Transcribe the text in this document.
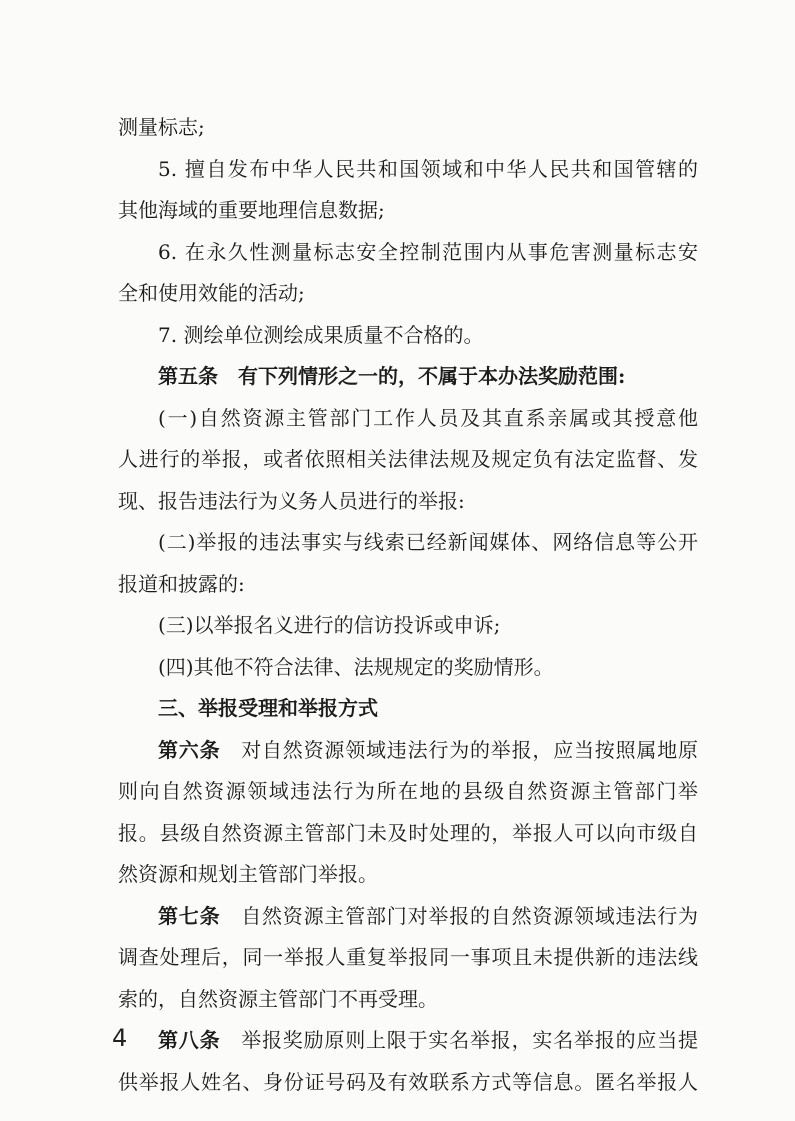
测量标志;
5. 擅自发布中华人民共和国领域和中华人民共和国管辖的
其他海域的重要地理信息数据;
6. 在永久性测量标志安全控制范围内从事危害测量标志安
全和使用效能的活动;
7. 测绘单位测绘成果质量不合格的。
第五条  有下列情形之一的，不属于本办法奖励范围:
(一)自然资源主管部门工作人员及其直系亲属或其授意他
人进行的举报，或者依照相关法律法规及规定负有法定监督、发
现、报告违法行为义务人员进行的举报:
(二)举报的违法事实与线索已经新闻媒体、网络信息等公开
报道和披露的:
(三)以举报名义进行的信访投诉或申诉;
(四)其他不符合法律、法规规定的奖励情形。
三、举报受理和举报方式
第六条  对自然资源领域违法行为的举报，应当按照属地原
则向自然资源领域违法行为所在地的县级自然资源主管部门举
报。县级自然资源主管部门未及时处理的，举报人可以向市级自
然资源和规划主管部门举报。
第七条  自然资源主管部门对举报的自然资源领域违法行为
调查处理后，同一举报人重复举报同一事项且未提供新的违法线
索的，自然资源主管部门不再受理。
第八条  举报奖励原则上限于实名举报，实名举报的应当提
供举报人姓名、身份证号码及有效联系方式等信息。匿名举报人
4
